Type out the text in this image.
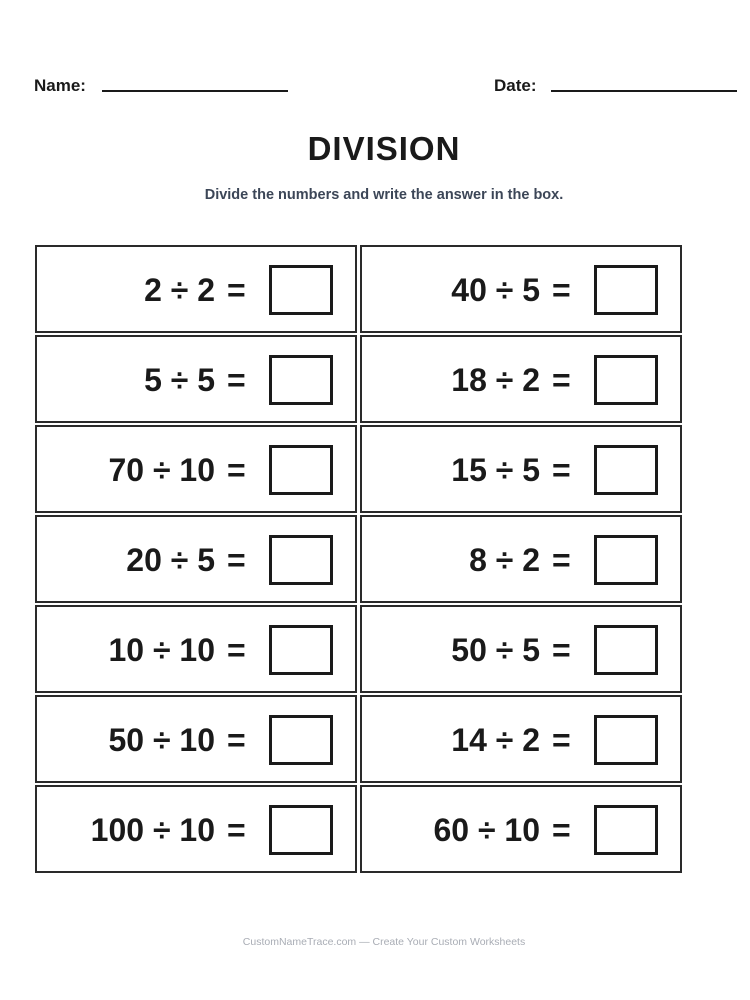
Name:	Date:
DIVISION
Divide the numbers and write the answer in the box.
2 ÷ 2 =	40 ÷ 5 =
5 ÷ 5 =	18 ÷ 2 =
70 ÷ 10 =	15 ÷ 5 =
20 ÷ 5 =	8 ÷ 2 =
10 ÷ 10 =	50 ÷ 5 =
50 ÷ 10 =	14 ÷ 2 =
100 ÷ 10 =	60 ÷ 10 =
CustomNameTrace.com — Create Your Custom Worksheets
